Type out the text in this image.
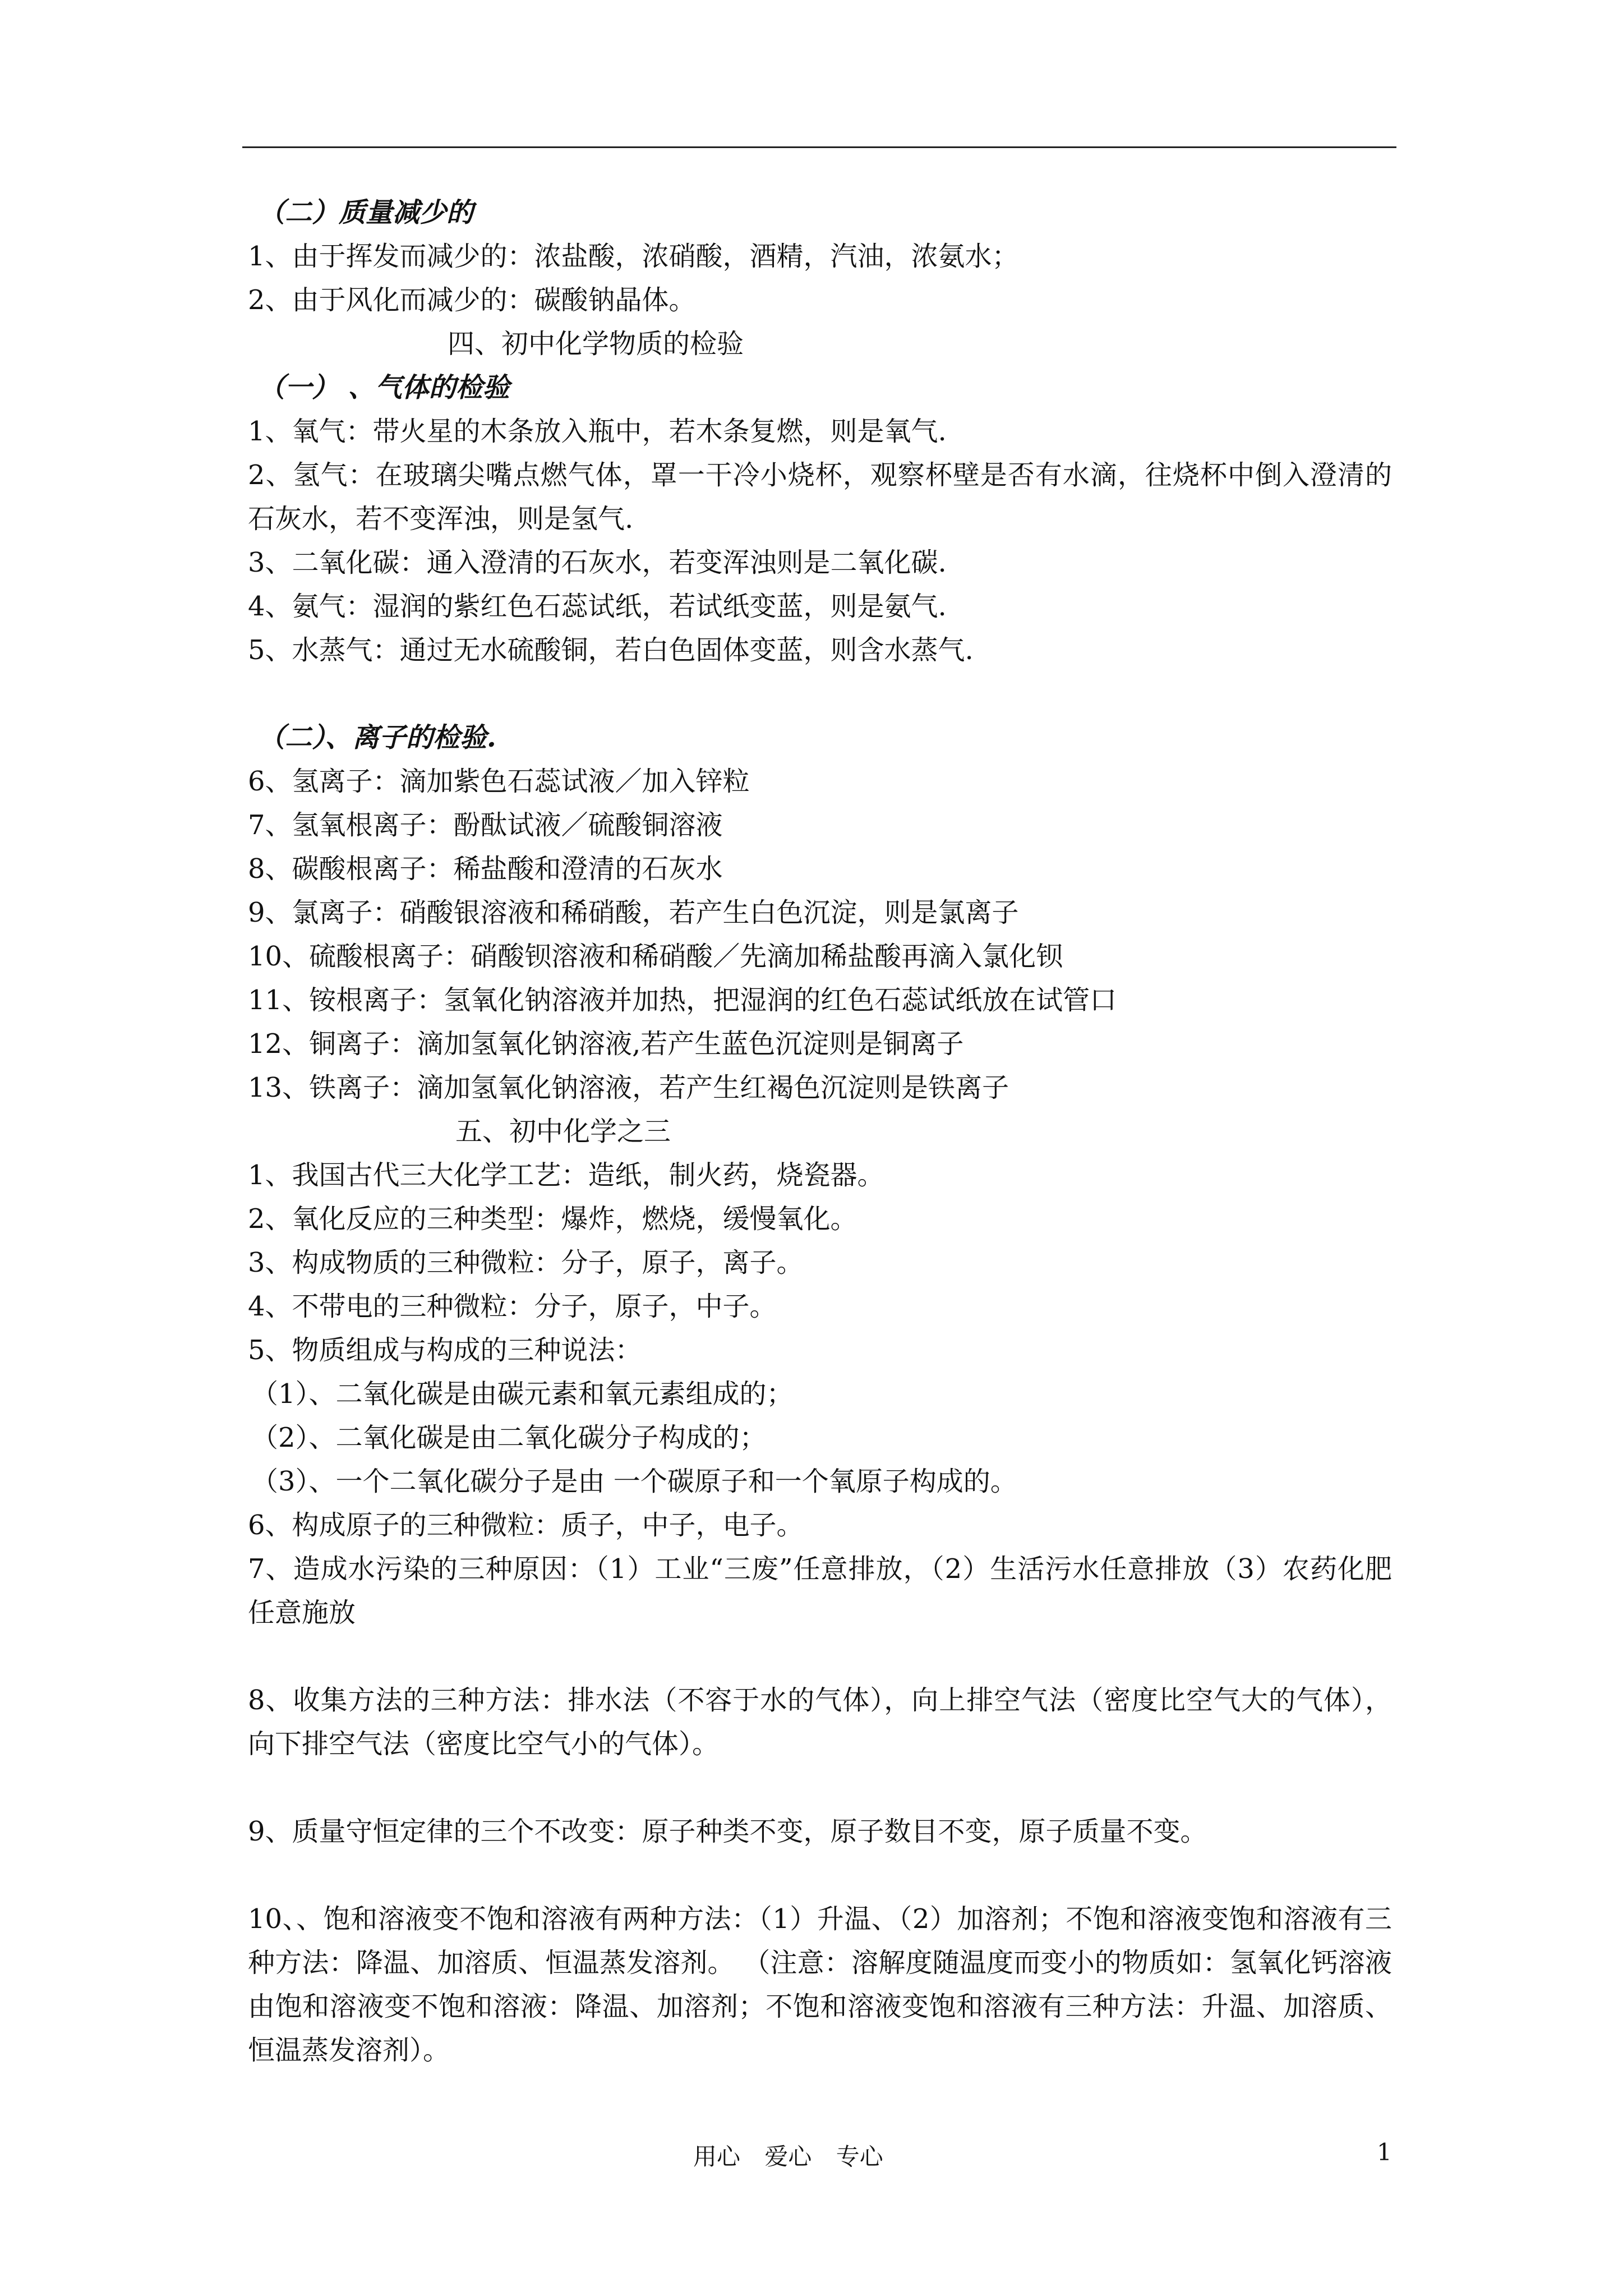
（二）质量减少的
1、由于挥发而减少的：浓盐酸，浓硝酸，酒精，汽油，浓氨水；
2、由于风化而减少的：碳酸钠晶体。
四、初中化学物质的检验
（一） 、气体的检验
1、氧气：带火星的木条放入瓶中，若木条复燃，则是氧气.
2、氢气：在玻璃尖嘴点燃气体，罩一干冷小烧杯，观察杯壁是否有水滴，往烧杯中倒入澄清的石灰水，若不变浑浊，则是氢气.
3、二氧化碳：通入澄清的石灰水，若变浑浊则是二氧化碳.
4、氨气：湿润的紫红色石蕊试纸，若试纸变蓝，则是氨气.
5、水蒸气：通过无水硫酸铜，若白色固体变蓝，则含水蒸气.
（二）、离子的检验.
6、氢离子：滴加紫色石蕊试液／加入锌粒
7、氢氧根离子：酚酞试液／硫酸铜溶液
8、碳酸根离子：稀盐酸和澄清的石灰水
9、氯离子：硝酸银溶液和稀硝酸，若产生白色沉淀，则是氯离子
10、硫酸根离子：硝酸钡溶液和稀硝酸／先滴加稀盐酸再滴入氯化钡
11、铵根离子：氢氧化钠溶液并加热，把湿润的红色石蕊试纸放在试管口
12、铜离子：滴加氢氧化钠溶液,若产生蓝色沉淀则是铜离子
13、铁离子：滴加氢氧化钠溶液，若产生红褐色沉淀则是铁离子
五、初中化学之三
1、我国古代三大化学工艺：造纸，制火药，烧瓷器。
2、氧化反应的三种类型：爆炸，燃烧，缓慢氧化。
3、构成物质的三种微粒：分子，原子，离子。
4、不带电的三种微粒：分子，原子，中子。
5、物质组成与构成的三种说法：
（1）、二氧化碳是由碳元素和氧元素组成的；
（2）、二氧化碳是由二氧化碳分子构成的；
（3）、一个二氧化碳分子是由 一个碳原子和一个氧原子构成的。
6、构成原子的三种微粒：质子，中子，电子。
7、造成水污染的三种原因：（1）工业“三废”任意排放，（2）生活污水任意排放（3）农药化肥任意施放
8、收集方法的三种方法：排水法（不容于水的气体），向上排空气法（密度比空气大的气体），向下排空气法（密度比空气小的气体）。
9、质量守恒定律的三个不改变：原子种类不变，原子数目不变，原子质量不变。
10、、饱和溶液变不饱和溶液有两种方法：（1）升温、（2）加溶剂；不饱和溶液变饱和溶液有三种方法：降温、加溶质、恒温蒸发溶剂。 （注意：溶解度随温度而变小的物质如：氢氧化钙溶液由饱和溶液变不饱和溶液：降温、加溶剂；不饱和溶液变饱和溶液有三种方法：升温、加溶质、恒温蒸发溶剂）。
用心 爱心 专心	1
